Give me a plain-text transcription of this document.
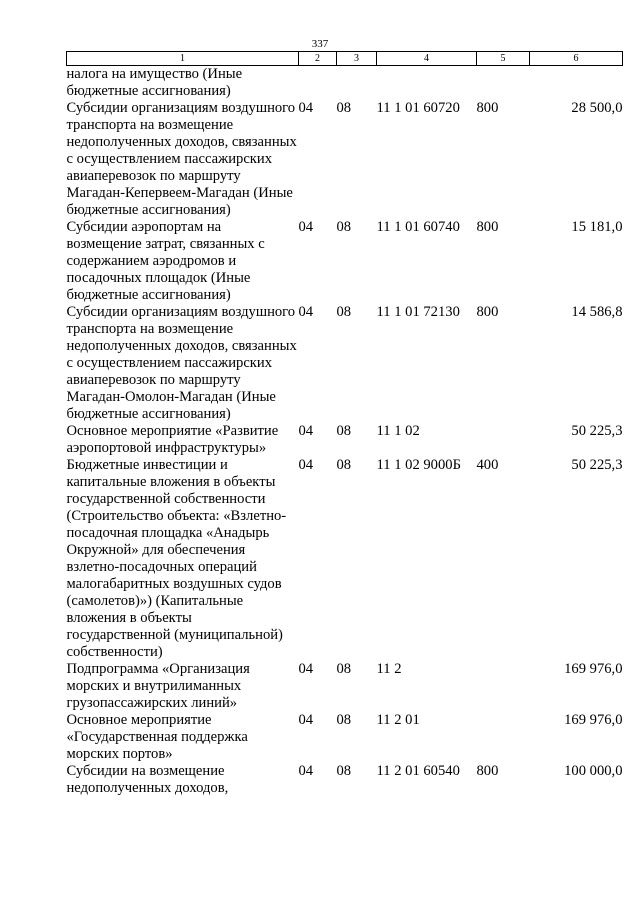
337
1	2	3	4	5	6
налога на имущество (Иные бюджетные ассигнования)					
Субсидии организациям воздушного транспорта на возмещение недополученных доходов, связанных с осуществлением пассажирских авиаперевозок по маршруту Магадан-Кепервеем-Магадан (Иные бюджетные ассигнования)	04	08	11 1 01 60720	800	28 500,0
Субсидии аэропортам на возмещение затрат, связанных с содержанием аэродромов и посадочных площадок (Иные бюджетные ассигнования)	04	08	11 1 01 60740	800	15 181,0
Субсидии организациям воздушного транспорта на возмещение недополученных доходов, связанных с осуществлением пассажирских авиаперевозок по маршруту Магадан-Омолон-Магадан (Иные бюджетные ассигнования)	04	08	11 1 01 72130	800	14 586,8
Основное мероприятие «Развитие аэропортовой инфраструктуры»	04	08	11 1 02		50 225,3
Бюджетные инвестиции и капитальные вложения в объекты государственной собственности (Строительство объекта: «Взлетно-посадочная площадка «Анадырь Окружной» для обеспечения взлетно-посадочных операций малогабаритных воздушных судов (самолетов)») (Капитальные вложения в объекты государственной (муниципальной) собственности)	04	08	11 1 02 9000Б	400	50 225,3
Подпрограмма «Организация морских и внутрилиманных грузопассажирских линий»	04	08	11 2		169 976,0
Основное мероприятие «Государственная поддержка морских портов»	04	08	11 2 01		169 976,0
Субсидии на возмещение недополученных доходов,	04	08	11 2 01 60540	800	100 000,0
